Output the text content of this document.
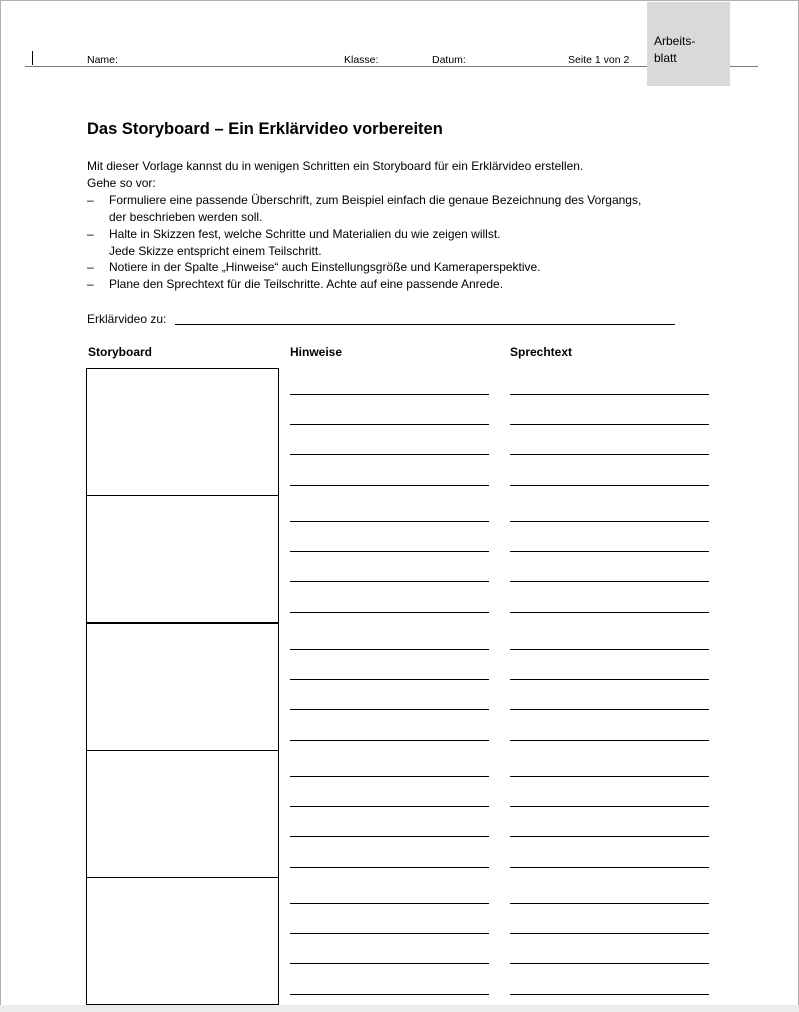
Name:	Klasse:	Datum:	Seite 1 von 2
Arbeits-
blatt
Das Storyboard – Ein Erklärvideo vorbereiten
Mit dieser Vorlage kannst du in wenigen Schritten ein Storyboard für ein Erklärvideo erstellen.
Gehe so vor:
– Formuliere eine passende Überschrift, zum Beispiel einfach die genaue Bezeichnung des Vorgangs,
der beschrieben werden soll.
– Halte in Skizzen fest, welche Schritte und Materialien du wie zeigen willst.
Jede Skizze entspricht einem Teilschritt.
– Notiere in der Spalte „Hinweise“ auch Einstellungsgröße und Kameraperspektive.
– Plane den Sprechtext für die Teilschritte. Achte auf eine passende Anrede.
Erklärvideo zu:
Storyboard	Hinweise	Sprechtext
